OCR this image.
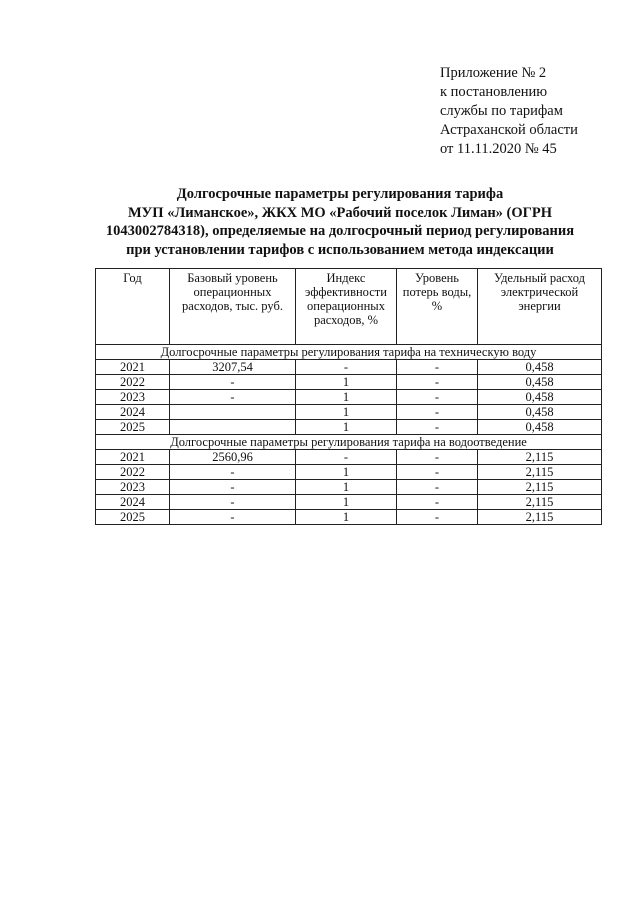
Приложение № 2
к постановлению
службы по тарифам
Астраханской области
от 11.11.2020 № 45
Долгосрочные параметры регулирования тарифа
МУП «Лиманское», ЖКХ МО «Рабочий поселок Лиман» (ОГРН
1043002784318), определяемые на долгосрочный период регулирования
при установлении тарифов с использованием метода индексации
Год	Базовый уровень операционных расходов, тыс. руб.	Индекс эффективности операционных расходов, %	Уровень потерь воды, %	Удельный расход электрической энергии
Долгосрочные параметры регулирования тарифа на техническую воду				
2021	3207,54	-	-	0,458
2022	-	1	-	0,458
2023	-	1	-	0,458
2024		1	-	0,458
2025		1	-	0,458
Долгосрочные параметры регулирования тарифа на водоотведение				
2021	2560,96	-	-	2,115
2022	-	1	-	2,115
2023	-	1	-	2,115
2024	-	1	-	2,115
2025	-	1	-	2,115
